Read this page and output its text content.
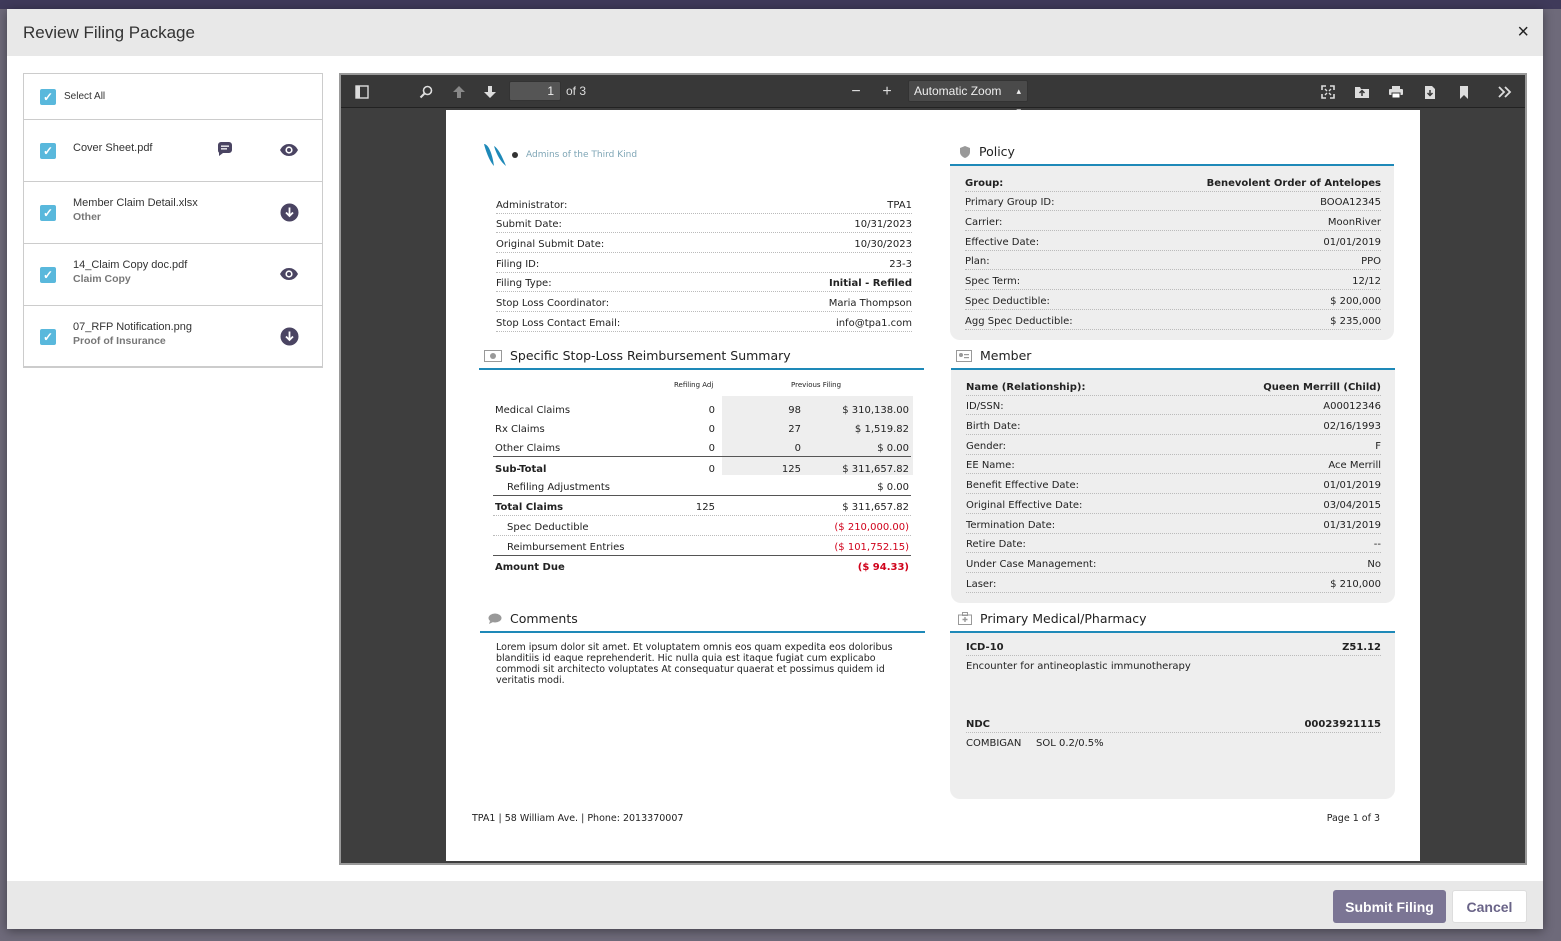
Review Filing Package	×
✓ Select All
✓ Cover Sheet.pdf
✓
Member Claim Detail.xlsx
Other
✓
14_Claim Copy doc.pdf
Claim Copy
✓
07_RFP Notification.png
Proof of Insurance
1	of 3	− +	Automatic Zoom ▴

Admins of the Third Kind
Administrator:	TPA1
Submit Date:	10/31/2023
Original Submit Date:	10/30/2023
Filing ID:	23-3
Filing Type:	Initial - Refiled
Stop Loss Coordinator:	Maria Thompson
Stop Loss Contact Email:	info@tpa1.com
Policy
Group:	Benevolent Order of Antelopes
Primary Group ID:	BOOA12345
Carrier:	MoonRiver
Effective Date:	01/01/2019
Plan:	PPO
Spec Term:	12/12
Spec Deductible:	$ 200,000
Agg Spec Deductible:	$ 235,000
Specific Stop-Loss Reimbursement Summary
Refiling Adj	Previous Filing
Medical Claims	0	98	$ 310,138.00
Rx Claims	0	27	$ 1,519.82
Other Claims	0	0	$ 0.00
Sub-Total	0	125	$ 311,657.82
Refiling Adjustments	$ 0.00
Total Claims	125	$ 311,657.82
Spec Deductible	($ 210,000.00)
Reimbursement Entries	($ 101,752.15)
Amount Due	($ 94.33)
Member
Name (Relationship):	Queen Merrill (Child)
ID/SSN:	A00012346
Birth Date:	02/16/1993
Gender:	F
EE Name:	Ace Merrill
Benefit Effective Date:	01/01/2019
Original Effective Date:	03/04/2015
Termination Date:	01/31/2019
Retire Date:	--
Under Case Management:	No
Laser:	$ 210,000
Comments
Lorem ipsum dolor sit amet. Et voluptatem omnis eos quam expedita eos doloribus blanditiis id eaque reprehenderit. Hic nulla quia est itaque fugiat cum explicabo commodi sit architecto voluptates At consequatur quaerat et possimus quidem id veritatis modi.
Primary Medical/Pharmacy
ICD-10	Z51.12
Encounter for antineoplastic immunotherapy
NDC	00023921115
COMBIGAN SOL 0.2/0.5%
TPA1 | 58 William Ave. | Phone: 2013370007	Page 1 of 3
Submit Filing	Cancel
